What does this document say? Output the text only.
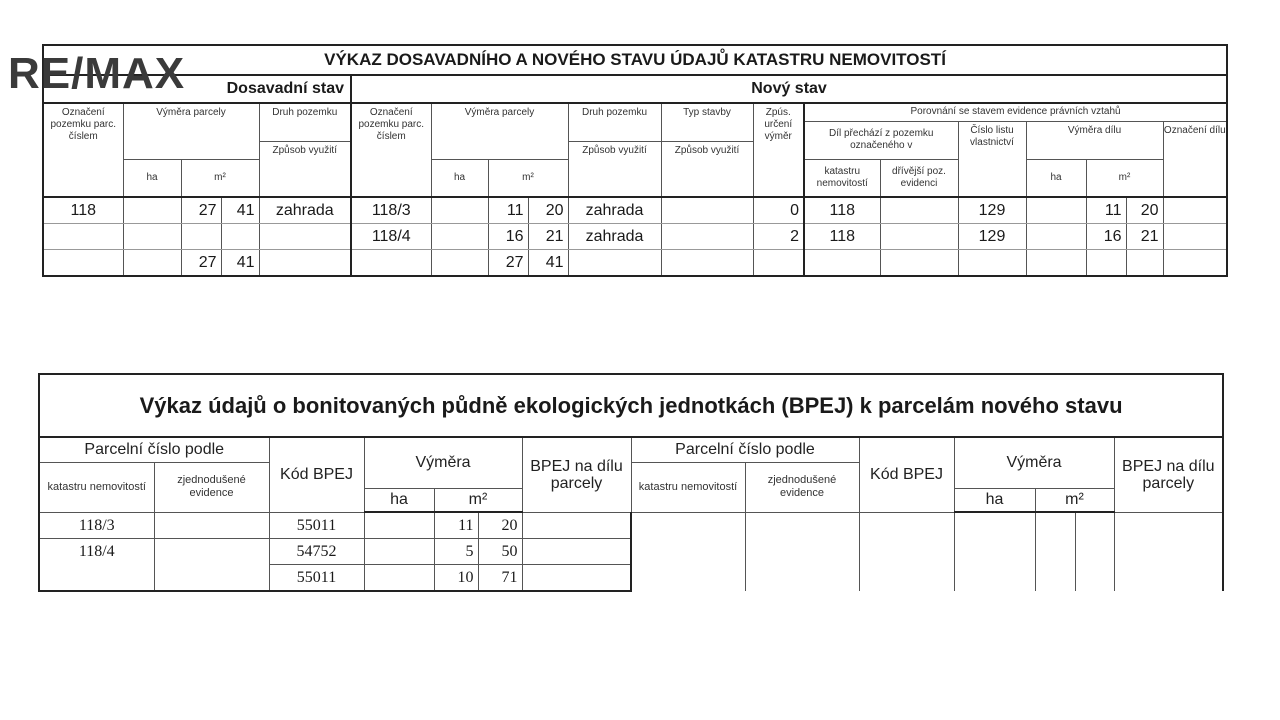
RE/MAX	VÝKAZ DOSAVADNÍHO A NOVÉHO STAVU ÚDAJŮ KATASTRU NEMOVITOSTÍ																		
Dosavadní stav					Nový stav													
Označení pozemku parc. číslem	Výměra parcely			Druh pozemku	Označení pozemku parc. číslem	Výměra parcely			Druh pozemku	Typ stavby	Zpús. určení výměr	Porovnání se stavem evidence právních vztahů						
												Díl přechází z pozemku označeného v		Číslo listu vlastnictví	Výměra dílu			Označení dílu
				Způsob využití					Způsob využití	Způsob využití								
	ha	m²				ha	m²					katastru nemovitostí	dřívější poz. evidenci		ha	m²		
118		27	41	zahrada	118/3		11	20	zahrada		0	118		129		11	20	
					118/4		16	21	zahrada		2	118		129		16	21	
		27	41				27	41										
Výkaz údajů o bonitovaných půdně ekologických jednotkách (BPEJ) k parcelám nového stavu													
Parcelní číslo podle		Kód BPEJ	Výměra			BPEJ na dílu parcely	Parcelní číslo podle		Kód BPEJ	Výměra			BPEJ na dílu parcely
katastru nemovitostí	zjednodušené evidence						katastru nemovitostí	zjednodušené evidence					
			ha	m²						ha	m²		
118/3		55011		11	20								
118/4		54752		5	50								
		55011		10	71								
